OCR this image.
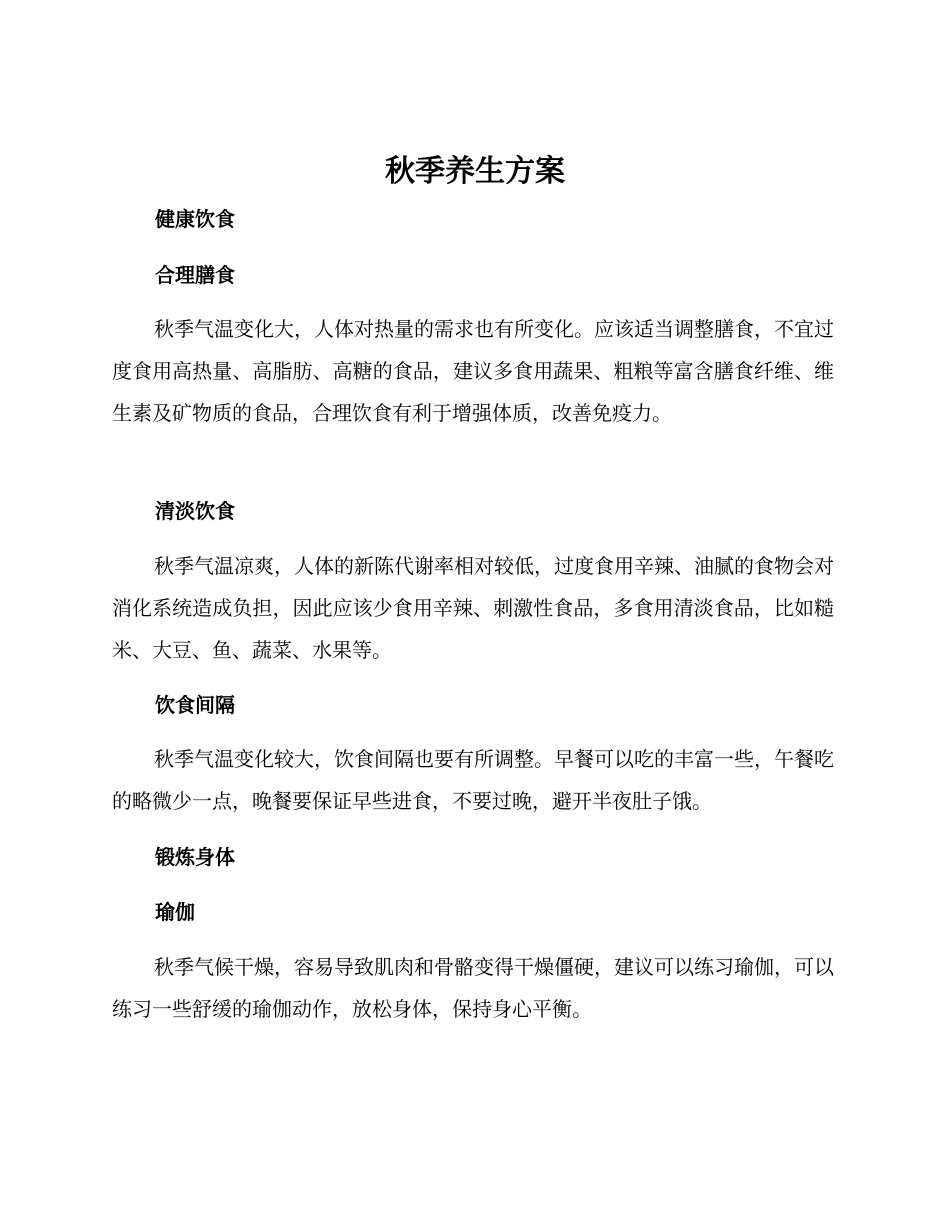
秋季养生方案
健康饮食
合理膳食

秋季气温变化大，人体对热量的需求也有所变化。应该适当调整膳食，不宜过度食用高热量、高脂肪、高糖的食品，建议多食用蔬果、粗粮等富含膳食纤维、维生素及矿物质的食品，合理饮食有利于增强体质，改善免疫力。

清淡饮食

秋季气温凉爽，人体的新陈代谢率相对较低，过度食用辛辣、油腻的食物会对消化系统造成负担，因此应该少食用辛辣、刺激性食品，多食用清淡食品，比如糙米、大豆、鱼、蔬菜、水果等。

饮食间隔

秋季气温变化较大，饮食间隔也要有所调整。早餐可以吃的丰富一些，午餐吃的略微少一点，晚餐要保证早些进食，不要过晚，避开半夜肚子饿。

锻炼身体
瑜伽

秋季气候干燥，容易导致肌肉和骨骼变得干燥僵硬，建议可以练习瑜伽，可以练习一些舒缓的瑜伽动作，放松身体，保持身心平衡。
